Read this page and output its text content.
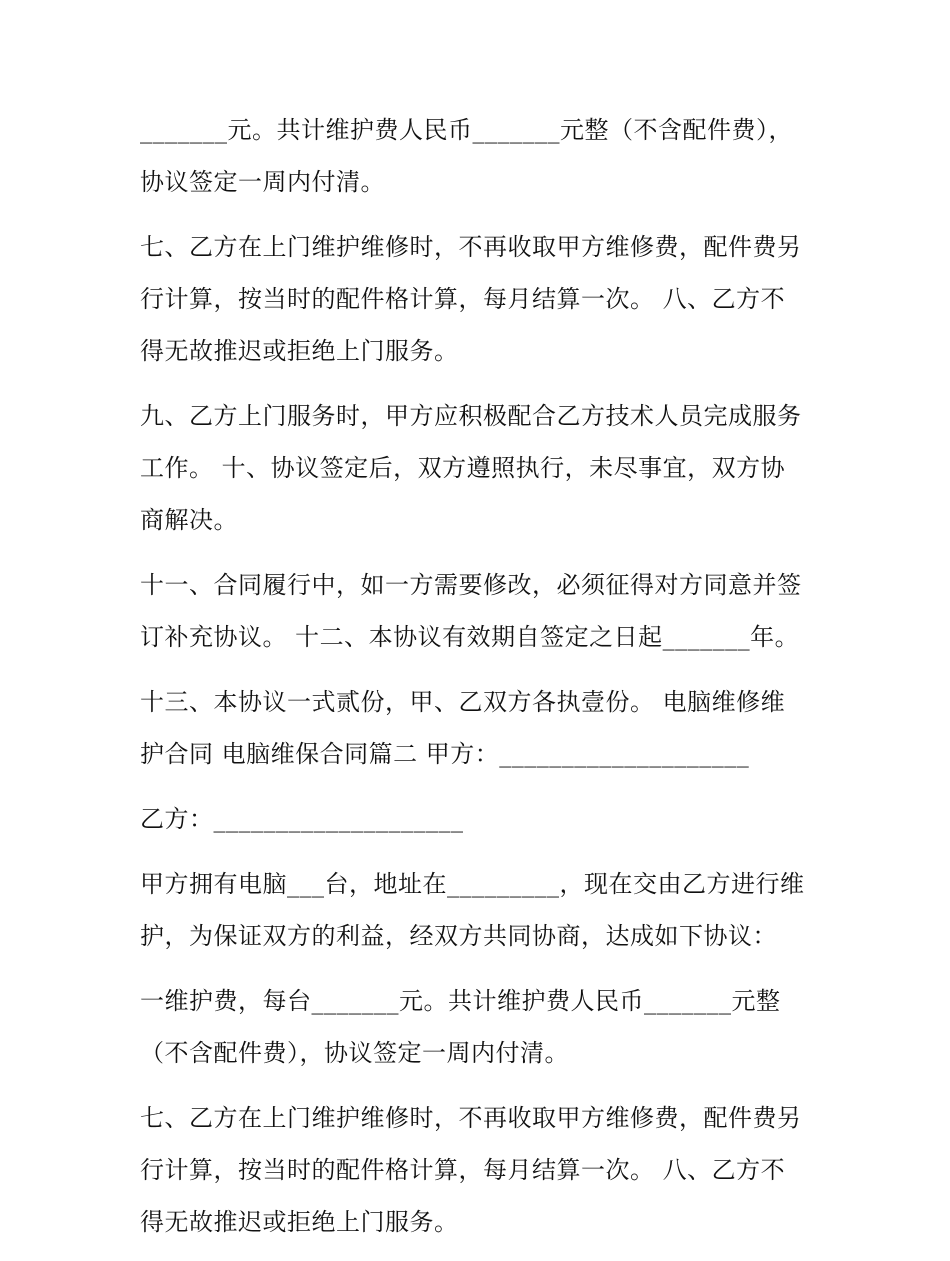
_______元。共计维护费人民币_______元整（不含配件费），
协议签定一周内付清。
七、乙方在上门维护维修时，不再收取甲方维修费，配件费另
行计算，按当时的配件格计算，每月结算一次。 八、乙方不
得无故推迟或拒绝上门服务。
九、乙方上门服务时，甲方应积极配合乙方技术人员完成服务
工作。 十、协议签定后，双方遵照执行，未尽事宜，双方协
商解决。
十一、合同履行中，如一方需要修改，必须征得对方同意并签
订补充协议。 十二、本协议有效期自签定之日起_______年。
十三、本协议一式贰份，甲、乙双方各执壹份。 电脑维修维
护合同 电脑维保合同篇二 甲方：____________________
乙方：____________________
甲方拥有电脑___台，地址在_________，现在交由乙方进行维
护，为保证双方的利益，经双方共同协商，达成如下协议：
一维护费，每台_______元。共计维护费人民币_______元整
（不含配件费），协议签定一周内付清。
七、乙方在上门维护维修时，不再收取甲方维修费，配件费另
行计算，按当时的配件格计算，每月结算一次。 八、乙方不
得无故推迟或拒绝上门服务。
